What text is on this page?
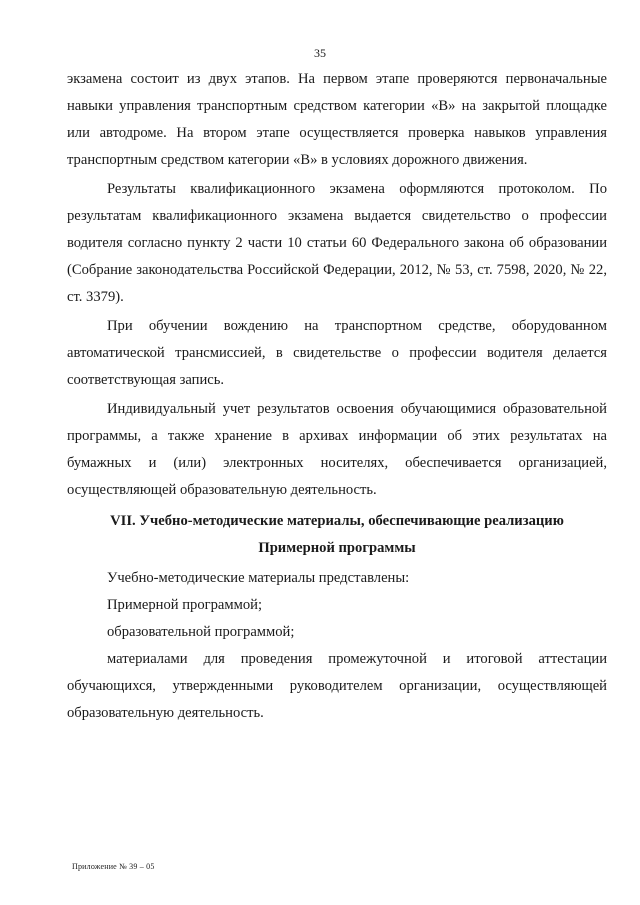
35

экзамена состоит из двух этапов. На первом этапе проверяются первоначальные навыки управления транспортным средством категории «B» на закрытой площадке или автодроме. На втором этапе осуществляется проверка навыков управления транспортным средством категории «B» в условиях дорожного движения.

Результаты квалификационного экзамена оформляются протоколом. По результатам квалификационного экзамена выдается свидетельство о профессии водителя согласно пункту 2 части 10 статьи 60 Федерального закона об образовании (Собрание законодательства Российской Федерации, 2012, № 53, ст. 7598, 2020, № 22, ст. 3379).

При обучении вождению на транспортном средстве, оборудованном автоматической трансмиссией, в свидетельстве о профессии водителя делается соответствующая запись.

Индивидуальный учет результатов освоения обучающимися образовательной программы, а также хранение в архивах информации об этих результатах на бумажных и (или) электронных носителях, обеспечивается организацией, осуществляющей образовательную деятельность.

VII. Учебно-методические материалы, обеспечивающие реализацию
Примерной программы

Учебно-методические материалы представлены:

Примерной программой;

образовательной программой;

материалами для проведения промежуточной и итоговой аттестации обучающихся, утвержденными руководителем организации, осуществляющей образовательную деятельность.

Приложение № 39 – 05
